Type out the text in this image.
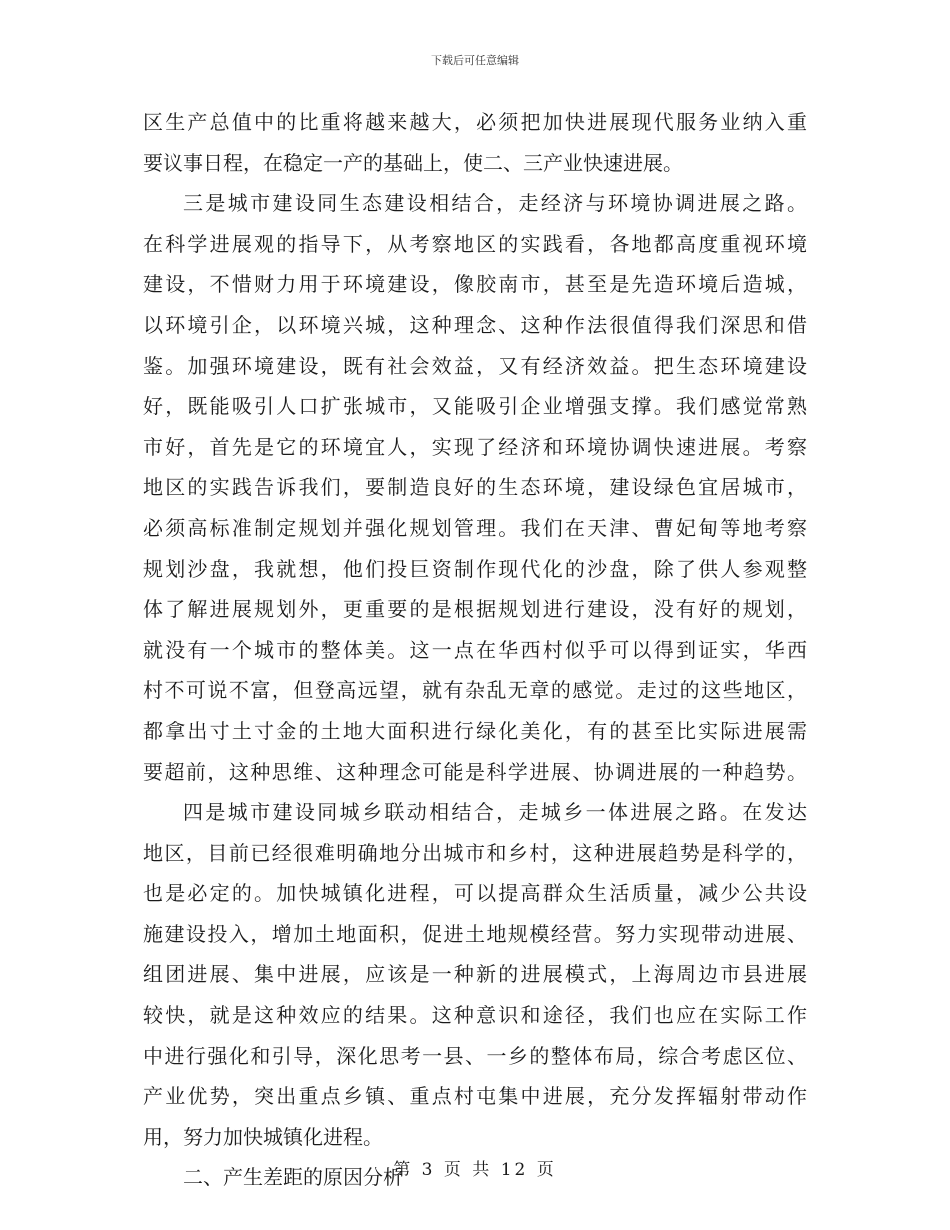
下载后可任意编辑
区生产总值中的比重将越来越大，必须把加快进展现代服务业纳入重
要议事日程，在稳定一产的基础上，使二、三产业快速进展。
三是城市建设同生态建设相结合，走经济与环境协调进展之路。
在科学进展观的指导下，从考察地区的实践看，各地都高度重视环境
建设，不惜财力用于环境建设，像胶南市，甚至是先造环境后造城，
以环境引企，以环境兴城，这种理念、这种作法很值得我们深思和借
鉴。加强环境建设，既有社会效益，又有经济效益。把生态环境建设
好，既能吸引人口扩张城市，又能吸引企业增强支撑。我们感觉常熟
市好，首先是它的环境宜人，实现了经济和环境协调快速进展。考察
地区的实践告诉我们，要制造良好的生态环境，建设绿色宜居城市，
必须高标准制定规划并强化规划管理。我们在天津、曹妃甸等地考察
规划沙盘，我就想，他们投巨资制作现代化的沙盘，除了供人参观整
体了解进展规划外，更重要的是根据规划进行建设，没有好的规划，
就没有一个城市的整体美。这一点在华西村似乎可以得到证实，华西
村不可说不富，但登高远望，就有杂乱无章的感觉。走过的这些地区，
都拿出寸土寸金的土地大面积进行绿化美化，有的甚至比实际进展需
要超前，这种思维、这种理念可能是科学进展、协调进展的一种趋势。
四是城市建设同城乡联动相结合，走城乡一体进展之路。在发达
地区，目前已经很难明确地分出城市和乡村，这种进展趋势是科学的，
也是必定的。加快城镇化进程，可以提高群众生活质量，减少公共设
施建设投入，增加土地面积，促进土地规模经营。努力实现带动进展、
组团进展、集中进展，应该是一种新的进展模式，上海周边市县进展
较快，就是这种效应的结果。这种意识和途径，我们也应在实际工作
中进行强化和引导，深化思考一县、一乡的整体布局，综合考虑区位、
产业优势，突出重点乡镇、重点村屯集中进展，充分发挥辐射带动作
用，努力加快城镇化进程。
二、产生差距的原因分析
第 3 页 共 12 页
